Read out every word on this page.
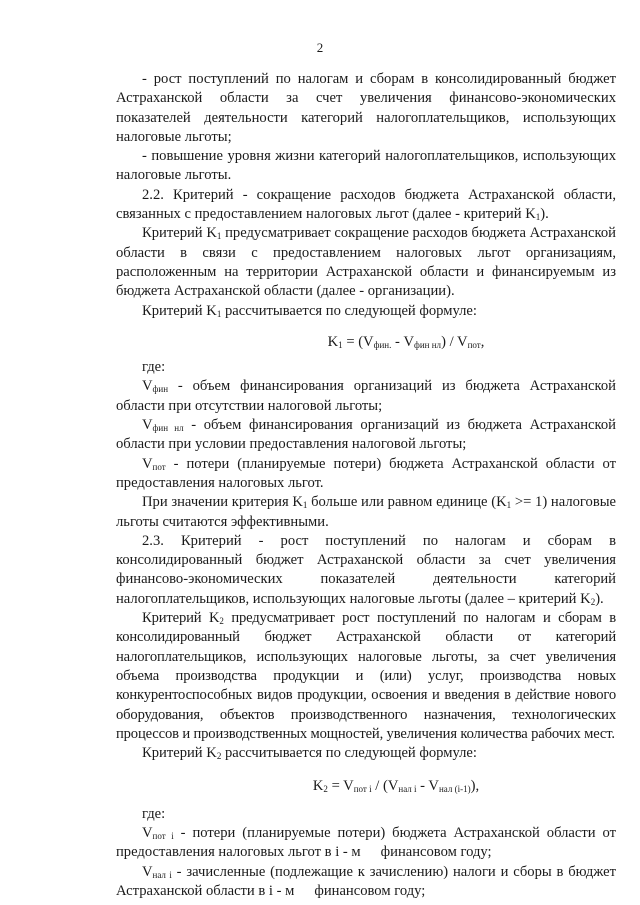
2

- рост поступлений по налогам и сборам в консолидированный бюджет Астраханской области за счет увеличения финансово-экономических показателей деятельности категорий налогоплательщиков, использующих налоговые льготы;

- повышение уровня жизни категорий налогоплательщиков, использующих налоговые льготы.

2.2. Критерий - сокращение расходов бюджета Астраханской области, связанных с предоставлением налоговых льгот (далее - критерий $K_1$).

Критерий $K_1$ предусматривает сокращение расходов бюджета Астраханской области в связи с предоставлением налоговых льгот организациям, расположенным на территории Астраханской области и финансируемым из бюджета Астраханской области (далее - организации).

Критерий $K_1$ рассчитывается по следующей формуле:

$K_1 = (V_{фин.} - V_{фин нл}) / V_{пот}$,

где:

$V_{фин}$ - объем финансирования организаций из бюджета Астраханской области при отсутствии налоговой льготы;

$V_{фин нл}$ - объем финансирования организаций из бюджета Астраханской области при условии предоставления налоговой льготы;

$V_{пот}$ - потери (планируемые потери) бюджета Астраханской области от предоставления налоговых льгот.

При значении критерия $K_1$ больше или равном единице $(K_1 >= 1)$ налоговые льготы считаются эффективными.

2.3. Критерий - рост поступлений по налогам и сборам в консолидированный бюджет Астраханской области за счет увеличения финансово-экономических показателей деятельности категорий налогоплательщиков, использующих налоговые льготы (далее – критерий $K_2$).

Критерий $K_2$ предусматривает рост поступлений по налогам и сборам в консолидированный бюджет Астраханской области от категорий налогоплательщиков, использующих налоговые льготы, за счет увеличения объема производства продукции и (или) услуг, производства новых конкурентоспособных видов продукции, освоения и введения в действие нового оборудования, объектов производственного назначения, технологических процессов и производственных мощностей, увеличения количества рабочих мест.

Критерий $K_2$ рассчитывается по следующей формуле:

$K_2 = V_{пот i} / (V_{нал i} - V_{нал (i-1)})$,

где:

$V_{пот i}$ - потери (планируемые потери) бюджета Астраханской области от предоставления налоговых льгот в i - м финансовом году;

$V_{нал i}$ - зачисленные (подлежащие к зачислению) налоги и сборы в бюджет Астраханской области в i - м финансовом году;
